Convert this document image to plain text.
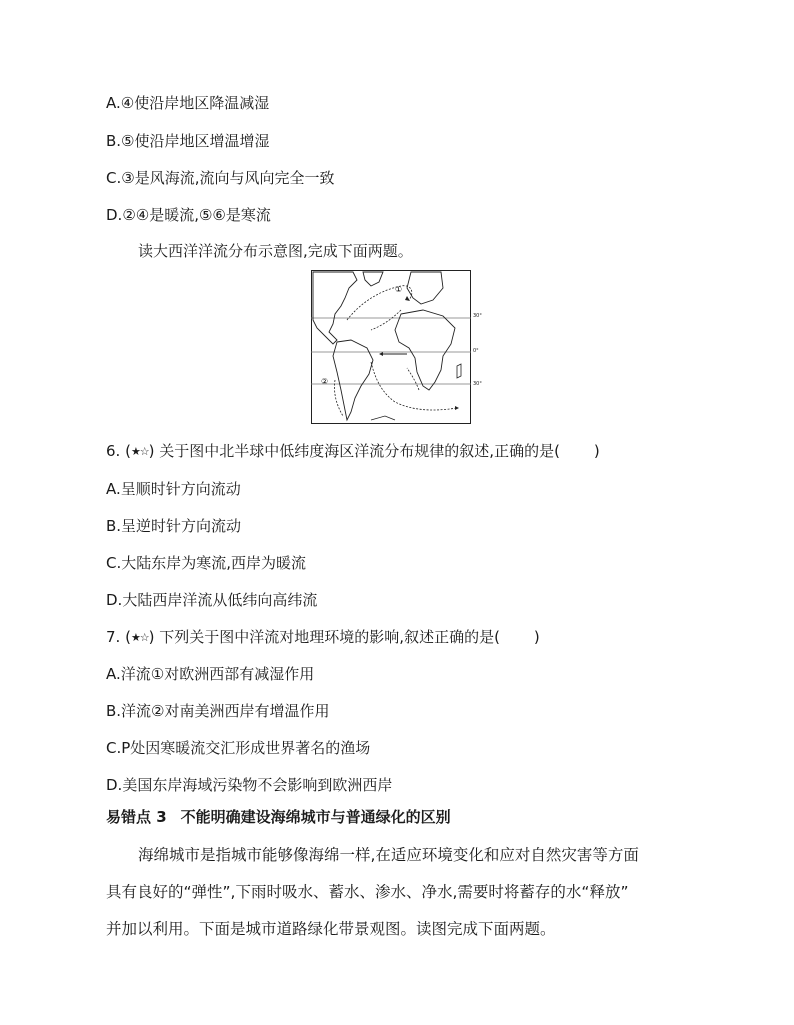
A.④使沿岸地区降温减湿
B.⑤使沿岸地区增温增湿
C.③是风海流,流向与风向完全一致
D.②④是暖流,⑤⑥是寒流
读大西洋洋流分布示意图,完成下面两题。
①
②
30°
0°
30°
6. (★☆) 关于图中北半球中低纬度海区洋流分布规律的叙述,正确的是( )
A.呈顺时针方向流动
B.呈逆时针方向流动
C.大陆东岸为寒流,西岸为暖流
D.大陆西岸洋流从低纬向高纬流
7. (★☆) 下列关于图中洋流对地理环境的影响,叙述正确的是( )
A.洋流①对欧洲西部有减湿作用
B.洋流②对南美洲西岸有增温作用
C.P处因寒暖流交汇形成世界著名的渔场
D.美国东岸海域污染物不会影响到欧洲西岸
易错点 3 不能明确建设海绵城市与普通绿化的区别
海绵城市是指城市能够像海绵一样,在适应环境变化和应对自然灾害等方面
具有良好的“弹性”,下雨时吸水、蓄水、渗水、净水,需要时将蓄存的水“释放”
并加以利用。下面是城市道路绿化带景观图。读图完成下面两题。
